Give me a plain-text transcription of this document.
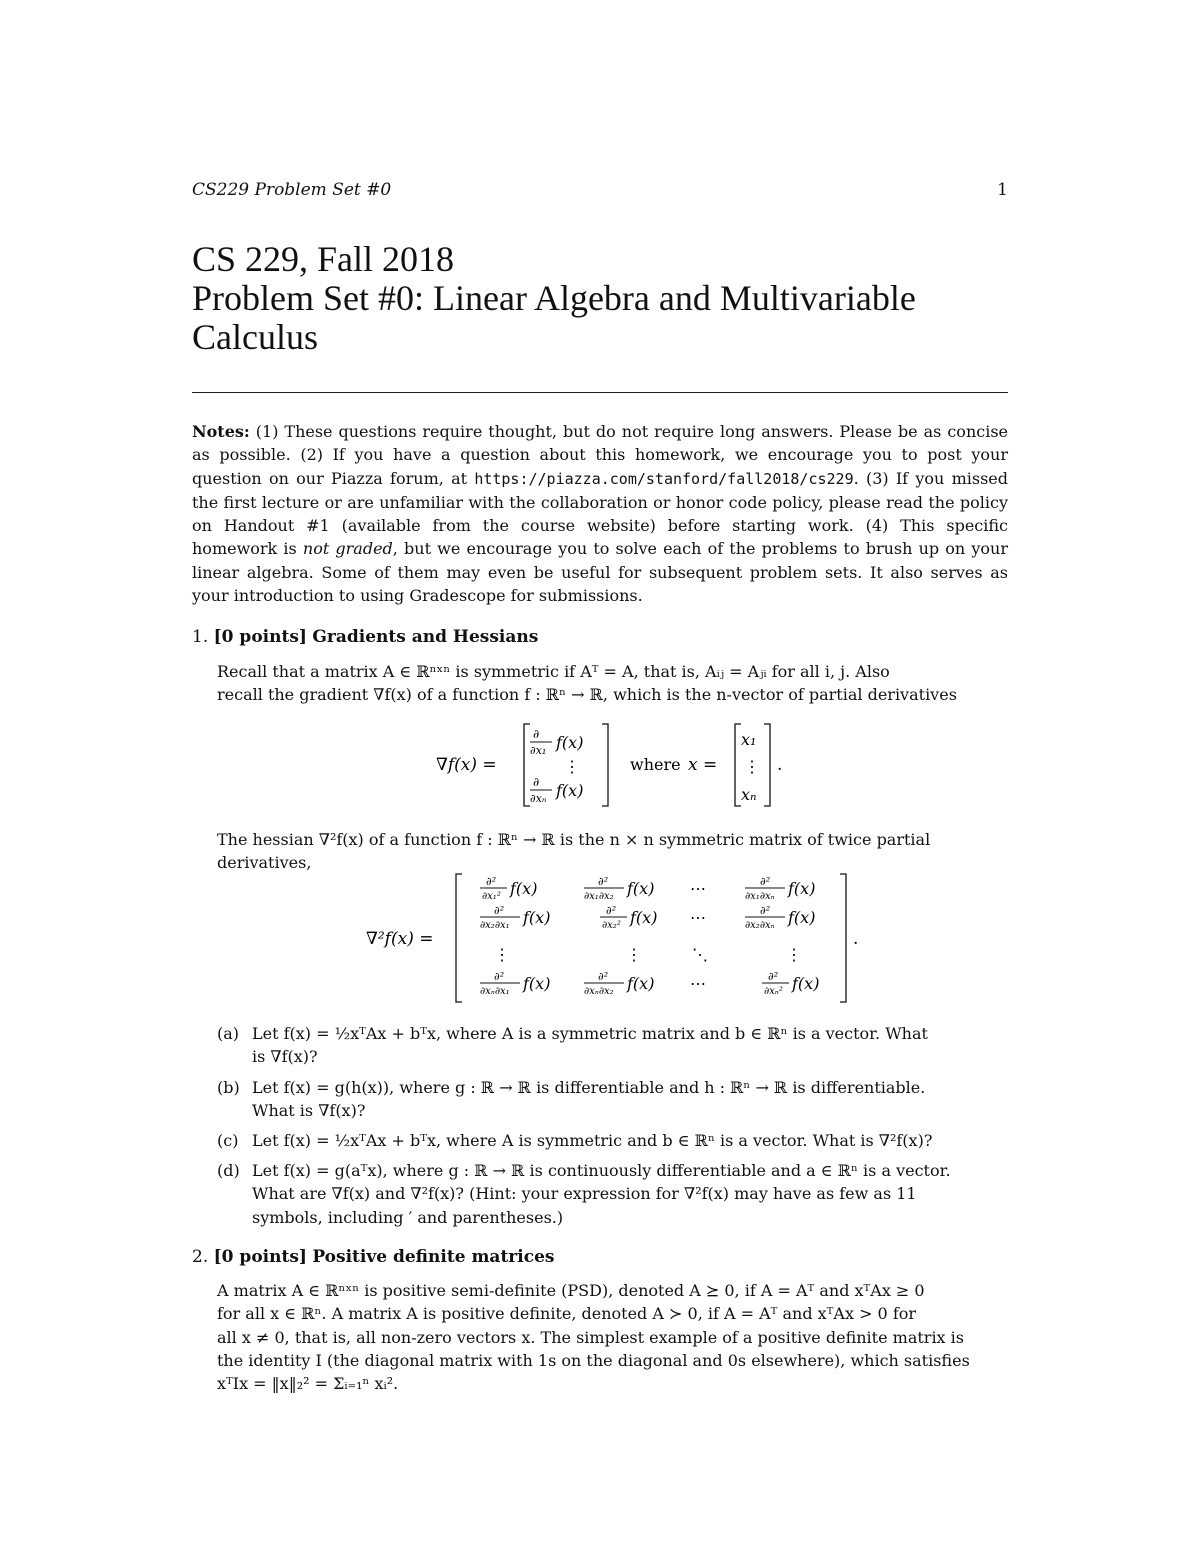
CS229 Problem Set #0	1
CS 229, Fall 2018
Problem Set #0: Linear Algebra and Multivariable
Calculus
Notes: (1) These questions require thought, but do not require long answers. Please be as concise as possible. (2) If you have a question about this homework, we encourage you to post your question on our Piazza forum, at https://piazza.com/stanford/fall2018/cs229. (3) If you missed the first lecture or are unfamiliar with the collaboration or honor code policy, please read the policy on Handout #1 (available from the course website) before starting work. (4) This specific homework is not graded, but we encourage you to solve each of the problems to brush up on your linear algebra. Some of them may even be useful for subsequent problem sets. It also serves as your introduction to using Gradescope for submissions.
1. [0 points] Gradients and Hessians
Recall that a matrix A ∈ ℝⁿˣⁿ is symmetric if Aᵀ = A, that is, Aᵢⱼ = Aⱼᵢ for all i, j. Also
recall the gradient ∇f(x) of a function f : ℝⁿ → ℝ, which is the n-vector of partial derivatives
∇f(x) =
∂
∂x₁ f(x)
⋮
∂
∂xₙ f(x)
where x =
x₁
⋮
xₙ
.
The hessian ∇²f(x) of a function f : ℝⁿ → ℝ is the n × n symmetric matrix of twice partial
derivatives,
∇²f(x) =
∂²
∂x₁² f(x)	∂²
∂x₁∂x₂ f(x) ⋯	∂²
∂x₁∂xₙ f(x)
∂²
∂x₂∂x₁ f(x)	∂²
∂x₂² f(x) ⋯	∂²
∂x₂∂xₙ f(x)
⋮	⋮	⋱	⋮
∂²
∂xₙ∂x₁ f(x)	∂²
∂xₙ∂x₂ f(x) ⋯	∂²
∂xₙ² f(x)
.
(a) Let f(x) = ½xᵀAx + bᵀx, where A is a symmetric matrix and b ∈ ℝⁿ is a vector. What
is ∇f(x)?
(b) Let f(x) = g(h(x)), where g : ℝ → ℝ is differentiable and h : ℝⁿ → ℝ is differentiable.
What is ∇f(x)?
(c) Let f(x) = ½xᵀAx + bᵀx, where A is symmetric and b ∈ ℝⁿ is a vector. What is ∇²f(x)?
(d) Let f(x) = g(aᵀx), where g : ℝ → ℝ is continuously differentiable and a ∈ ℝⁿ is a vector.
What are ∇f(x) and ∇²f(x)? (Hint: your expression for ∇²f(x) may have as few as 11
symbols, including ′ and parentheses.)
2. [0 points] Positive definite matrices
A matrix A ∈ ℝⁿˣⁿ is positive semi-definite (PSD), denoted A ⪰ 0, if A = Aᵀ and xᵀAx ≥ 0
for all x ∈ ℝⁿ. A matrix A is positive definite, denoted A ≻ 0, if A = Aᵀ and xᵀAx > 0 for
all x ≠ 0, that is, all non-zero vectors x. The simplest example of a positive definite matrix is
the identity I (the diagonal matrix with 1s on the diagonal and 0s elsewhere), which satisfies
xᵀIx = ‖x‖₂² = Σᵢ₌₁ⁿ xᵢ².
